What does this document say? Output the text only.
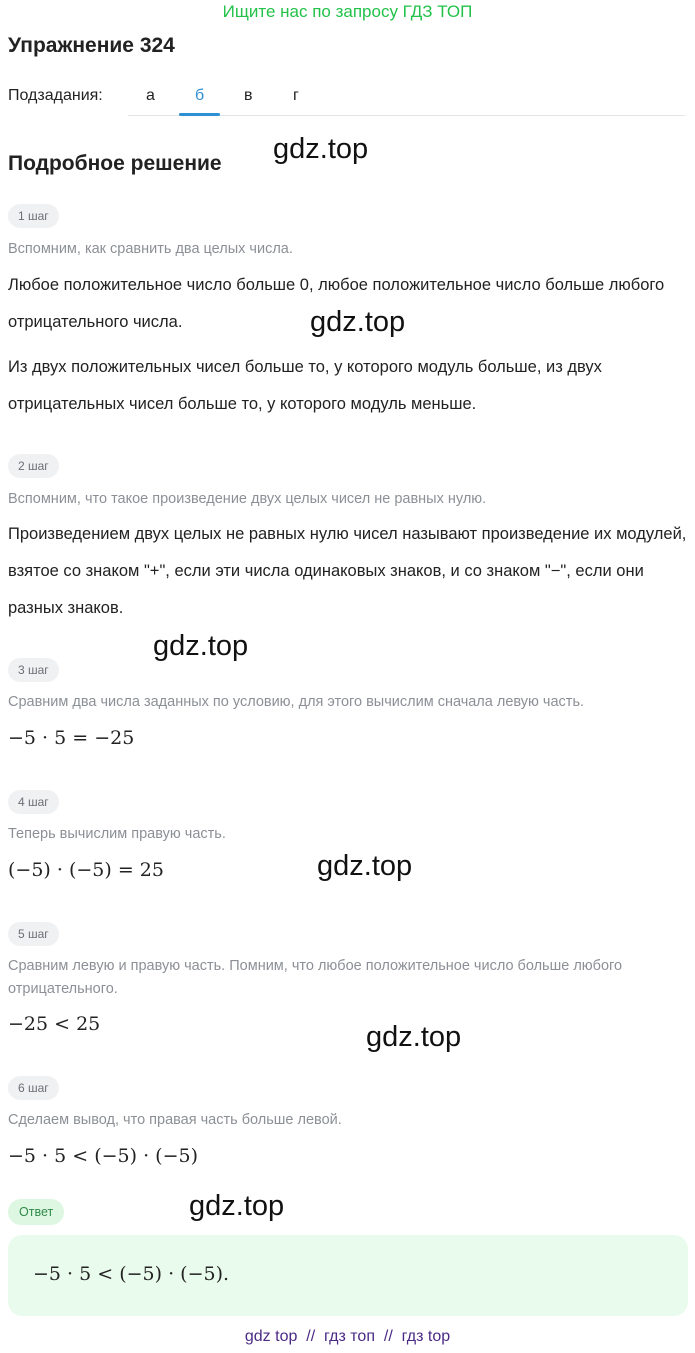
Ищите нас по запросу ГДЗ ТОП
Упражнение 324
Подзадания:	а	б в	г
Подробное решение gdz.top
gdz.top
gdz.top
gdz.top
gdz.top
gdz.top
1 шаг
Вспомним, как сравнить два целых числа.
Любое положительное число больше 0, любое положительное число больше любого отрицательного числа.
Из двух положительных чисел больше то, у которого модуль больше, из двух отрицательных чисел больше то, у которого модуль меньше.
2 шаг
Вспомним, что такое произведение двух целых чисел не равных нулю.
Произведением двух целых не равных нулю чисел называют произведение их модулей, взятое со знаком "+", если эти числа одинаковых знаков, и со знаком "−", если они разных знаков.
3 шаг
Сравним два числа заданных по условию, для этого вычислим сначала левую часть.
−5 · 5 = −25
4 шаг
Теперь вычислим правую часть.
(−5) · (−5) = 25
5 шаг
Сравним левую и правую часть. Помним, что любое положительное число больше любого отрицательного.
−25 < 25
6 шаг
Сделаем вывод, что правая часть больше левой.
−5 · 5 < (−5) · (−5)
Ответ
−5 · 5 < (−5) · (−5).
gdz top  //  гдз топ  //  гдз top
